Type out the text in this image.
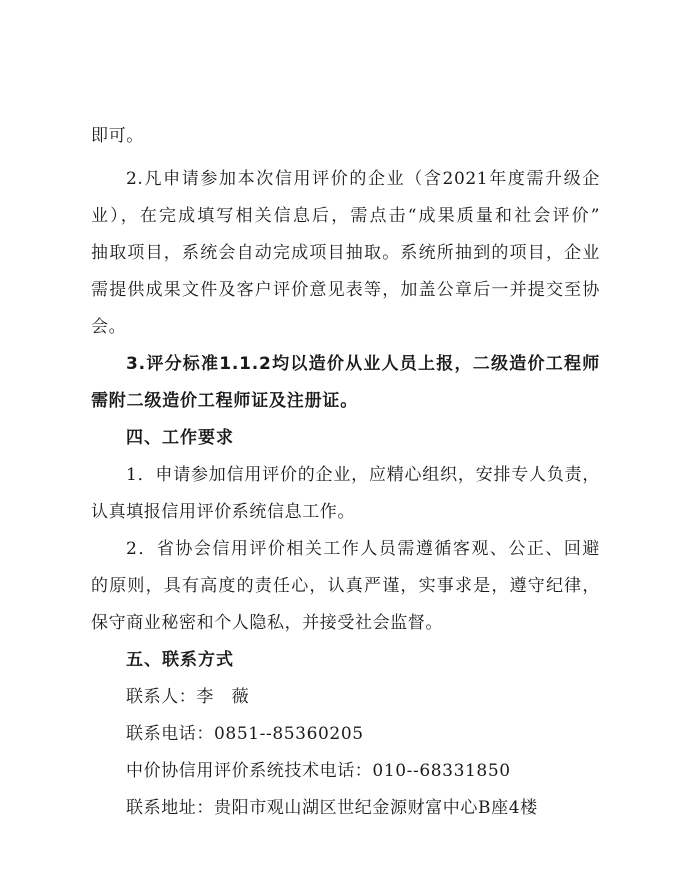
即可。
2.凡申请参加本次信用评价的企业（含2021年度需升级企
业），在完成填写相关信息后，需点击“成果质量和社会评价”
抽取项目，系统会自动完成项目抽取。系统所抽到的项目，企业
需提供成果文件及客户评价意见表等，加盖公章后一并提交至协
会。
3.评分标准1.1.2均以造价从业人员上报，二级造价工程师
需附二级造价工程师证及注册证。
四、工作要求
1．申请参加信用评价的企业，应精心组织，安排专人负责，
认真填报信用评价系统信息工作。
2．省协会信用评价相关工作人员需遵循客观、公正、回避
的原则，具有高度的责任心，认真严谨，实事求是，遵守纪律，
保守商业秘密和个人隐私，并接受社会监督。
五、联系方式
联系人：李　薇
联系电话：0851--85360205
中价协信用评价系统技术电话：010--68331850
联系地址：贵阳市观山湖区世纪金源财富中心B座4楼
